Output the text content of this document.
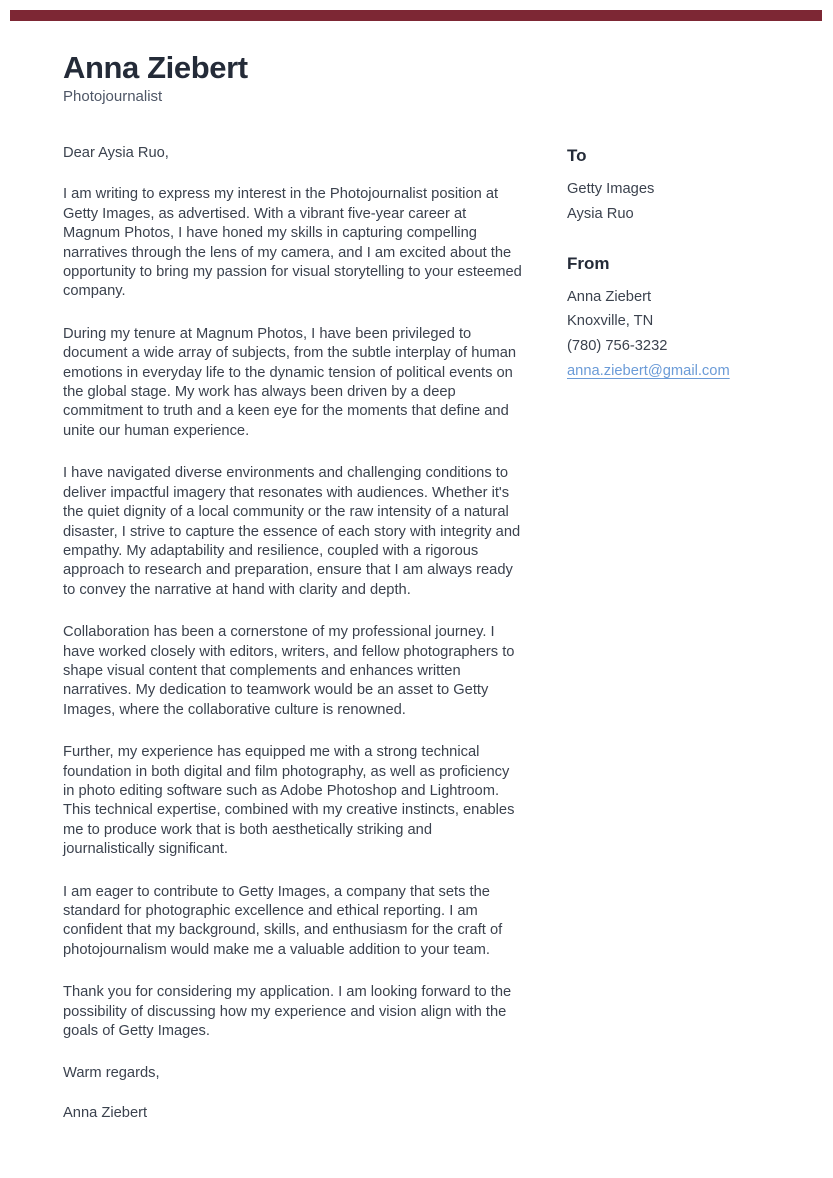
Anna Ziebert
Photojournalist

Dear Aysia Ruo,

I am writing to express my interest in the Photojournalist position at Getty Images, as advertised. With a vibrant five-year career at Magnum Photos, I have honed my skills in capturing compelling narratives through the lens of my camera, and I am excited about the opportunity to bring my passion for visual storytelling to your esteemed company.

During my tenure at Magnum Photos, I have been privileged to document a wide array of subjects, from the subtle interplay of human emotions in everyday life to the dynamic tension of political events on the global stage. My work has always been driven by a deep commitment to truth and a keen eye for the moments that define and unite our human experience.

I have navigated diverse environments and challenging conditions to deliver impactful imagery that resonates with audiences. Whether it's the quiet dignity of a local community or the raw intensity of a natural disaster, I strive to capture the essence of each story with integrity and empathy. My adaptability and resilience, coupled with a rigorous approach to research and preparation, ensure that I am always ready to convey the narrative at hand with clarity and depth.

Collaboration has been a cornerstone of my professional journey. I have worked closely with editors, writers, and fellow photographers to shape visual content that complements and enhances written narratives. My dedication to teamwork would be an asset to Getty Images, where the collaborative culture is renowned.

Further, my experience has equipped me with a strong technical foundation in both digital and film photography, as well as proficiency in photo editing software such as Adobe Photoshop and Lightroom. This technical expertise, combined with my creative instincts, enables me to produce work that is both aesthetically striking and journalistically significant.

I am eager to contribute to Getty Images, a company that sets the standard for photographic excellence and ethical reporting. I am confident that my background, skills, and enthusiasm for the craft of photojournalism would make me a valuable addition to your team.

Thank you for considering my application. I am looking forward to the possibility of discussing how my experience and vision align with the goals of Getty Images.

Warm regards,

Anna Ziebert

To
Getty Images
Aysia Ruo
From
Anna Ziebert
Knoxville, TN
(780) 756-3232
anna.ziebert@gmail.com
